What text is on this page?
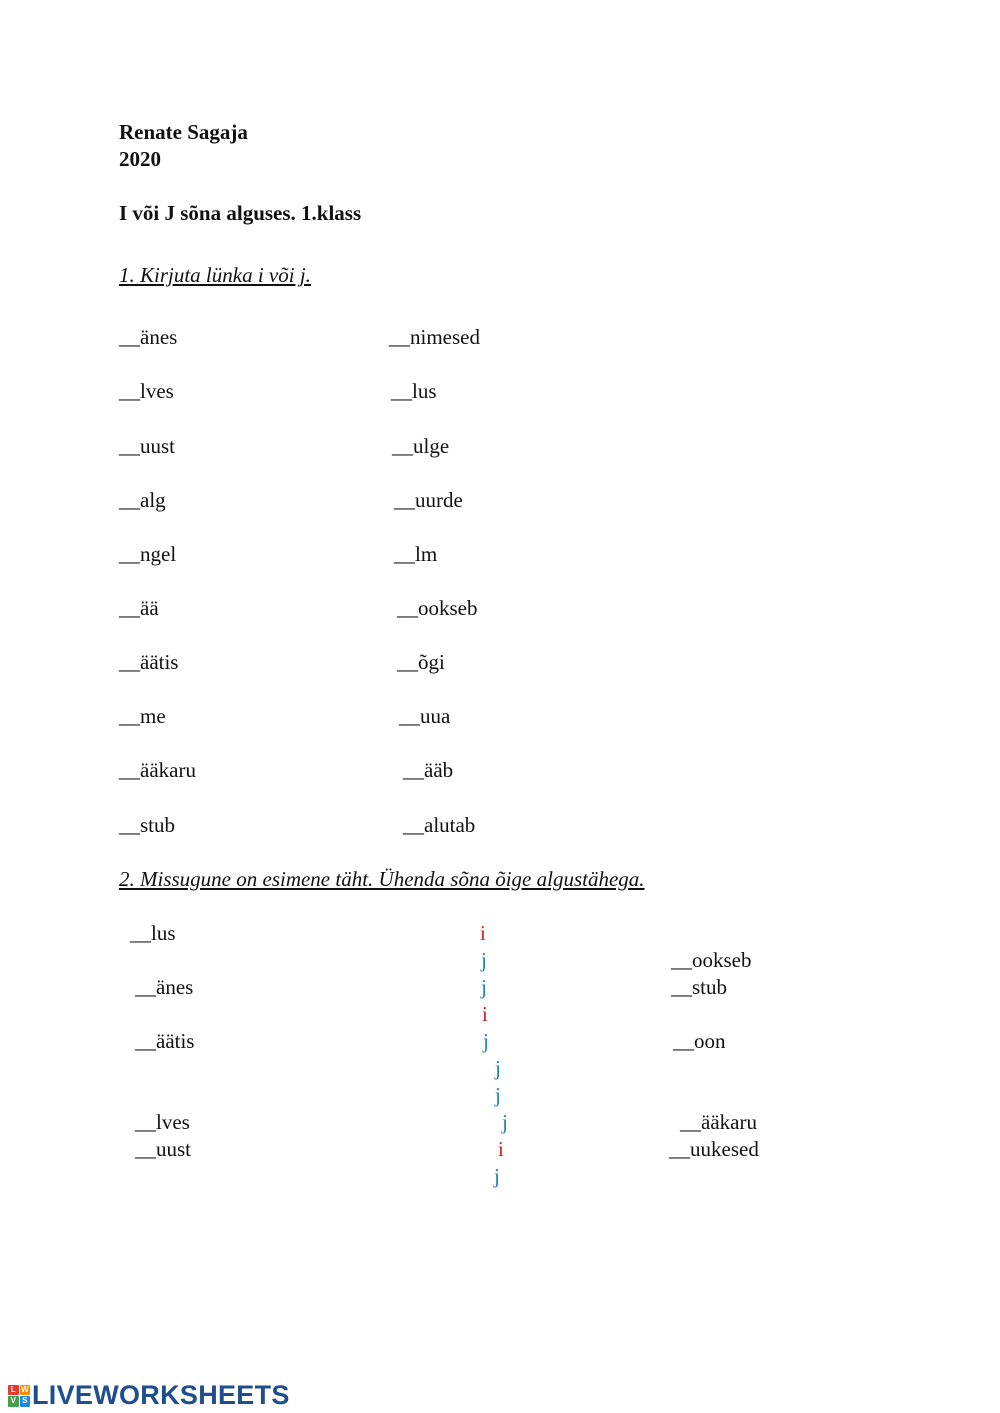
Renate Sagaja
2020
I või J sõna alguses. 1.klass
1. Kirjuta lünka i või j.
__änes
__lves
__uust
__alg
__ngel
__ää
__äätis
__me
__ääkaru
__stub
__nimesed
__lus
__ulge
__uurde
__lm
__ookseb
__õgi
__uua
__ääb
__alutab
2. Missugune on esimene täht. Ühenda sõna õige algustähega.
__lus
__änes
__äätis
__lves
__uust
i
j
j
i
j
j
j
j
i
j
__ookseb
__stub
__oon
__ääkaru
__uukesed
L W
V S LIVEWORKSHEETS
